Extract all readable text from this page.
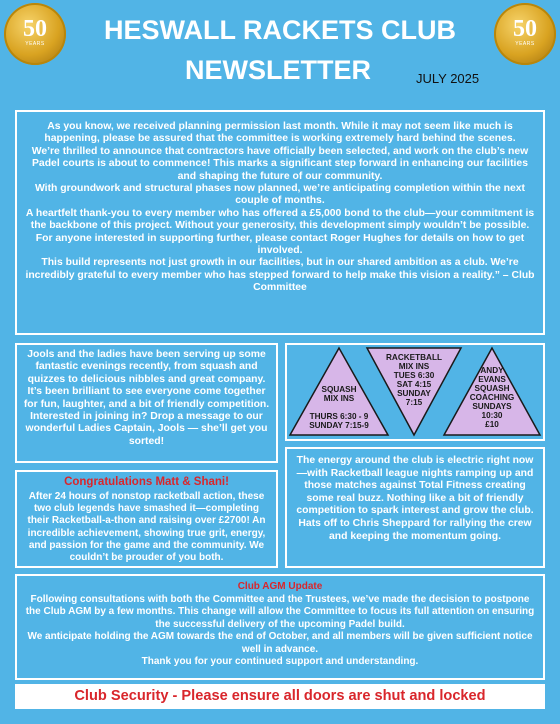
50
YEARS
50
YEARS
HESWALL RACKETS CLUB
NEWSLETTER	JULY 2025

As you know, we received planning permission last month. While it may not seem like much is happening, please be assured that the committee is working extremely hard behind the scenes.

We’re thrilled to announce that contractors have officially been selected, and work on the club’s new Padel courts is about to commence! This marks a significant step forward in enhancing our facilities and shaping the future of our community.

With groundwork and structural phases now planned, we’re anticipating completion within the next couple of months.

A heartfelt thank-you to every member who has offered a £5,000 bond to the club—your commitment is the backbone of this project. Without your generosity, this development simply wouldn’t be possible. For anyone interested in supporting further, please contact Roger Hughes for details on how to get involved.

This build represents not just growth in our facilities, but in our shared ambition as a club. We’re incredibly grateful to every member who has stepped forward to help make this vision a reality.” – Club Committee

Jools and the ladies have been serving up some fantastic evenings recently, from squash and quizzes to delicious nibbles and great company. It’s been brilliant to see everyone come together for fun, laughter, and a bit of friendly competition. Interested in joining in? Drop a message to our wonderful Ladies Captain, Jools — she’ll get you sorted!
SQUASH
MIX INS
THURS 6:30 - 9
SUNDAY 7:15-9
RACKETBALL
MIX INS
TUES 6:30
SAT 4:15
SUNDAY
7:15
ANDY
EVANS
SQUASH
COACHING
SUNDAYS
10:30
£10
Congratulations Matt & Shani!
After 24 hours of nonstop racketball action, these two club legends have smashed it—completing their Racketball-a-thon and raising over £2700! An incredible achievement, showing true grit, energy, and passion for the game and the community. We couldn’t be prouder of you both.
The energy around the club is electric right now—with Racketball league nights ramping up and those matches against Total Fitness creating some real buzz. Nothing like a bit of friendly competition to spark interest and grow the club. Hats off to Chris Sheppard for rallying the crew and keeping the momentum going.
Club AGM Update
Following consultations with both the Committee and the Trustees, we’ve made the decision to postpone the Club AGM by a few months. This change will allow the Committee to focus its full attention on ensuring the successful delivery of the upcoming Padel build.
We anticipate holding the AGM towards the end of October, and all members will be given sufficient notice well in advance.
Thank you for your continued support and understanding.
Club Security - Please ensure all doors are shut and locked
